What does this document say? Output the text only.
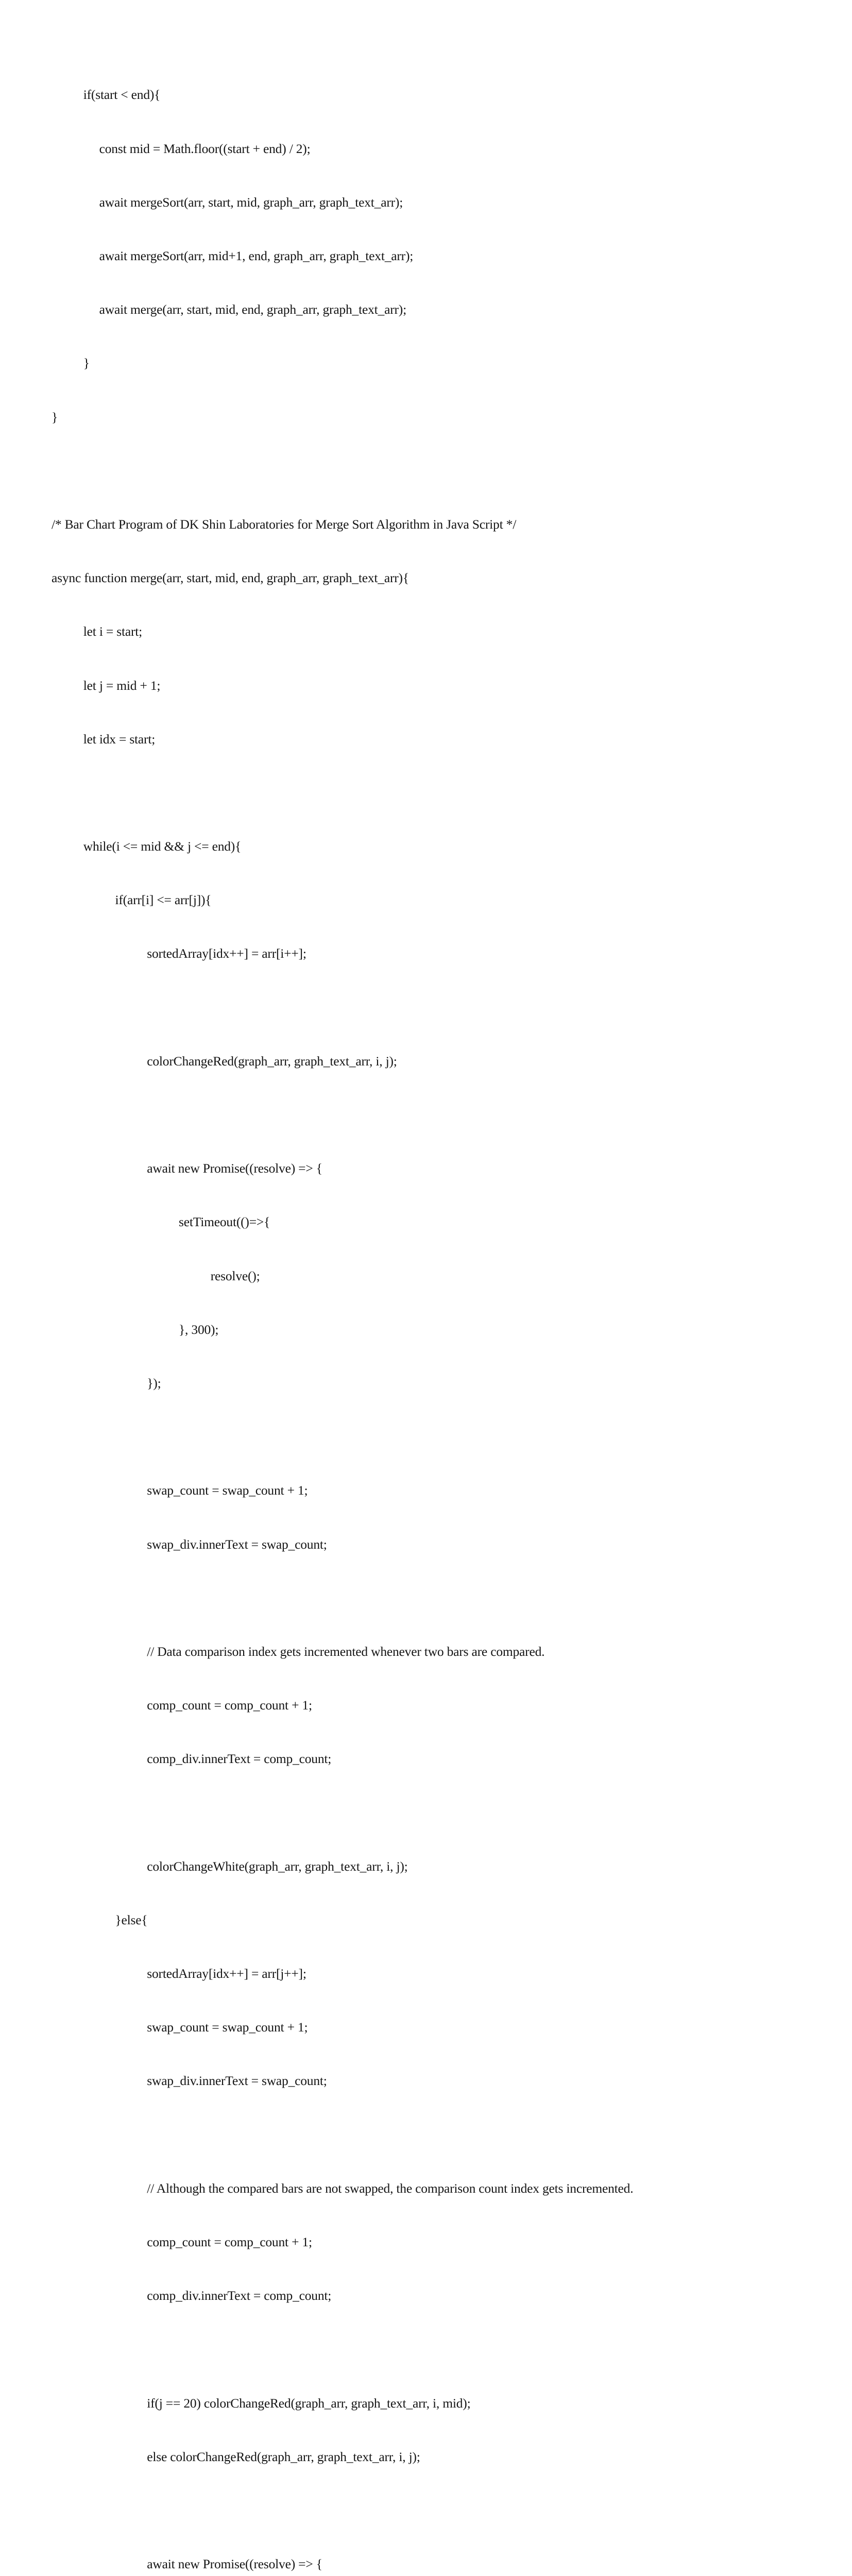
if(start < end){

const mid = Math.floor((start + end) / 2);

await mergeSort(arr, start, mid, graph_arr, graph_text_arr);

await mergeSort(arr, mid+1, end, graph_arr, graph_text_arr);

await merge(arr, start, mid, end, graph_arr, graph_text_arr);

}

}

/* Bar Chart Program of DK Shin Laboratories for Merge Sort Algorithm in Java Script */

async function merge(arr, start, mid, end, graph_arr, graph_text_arr){

let i = start;

let j = mid + 1;

let idx = start;

while(i <= mid && j <= end){

if(arr[i] <= arr[j]){

sortedArray[idx++] = arr[i++];

colorChangeRed(graph_arr, graph_text_arr, i, j);

await new Promise((resolve) => {

setTimeout(()=>{

resolve();

}, 300);

});

swap_count = swap_count + 1;

swap_div.innerText = swap_count;

// Data comparison index gets incremented whenever two bars are compared.

comp_count = comp_count + 1;

comp_div.innerText = comp_count;

colorChangeWhite(graph_arr, graph_text_arr, i, j);

}else{

sortedArray[idx++] = arr[j++];

swap_count = swap_count + 1;

swap_div.innerText = swap_count;

// Although the compared bars are not swapped, the comparison count index gets incremented.

comp_count = comp_count + 1;

comp_div.innerText = comp_count;

if(j == 20) colorChangeRed(graph_arr, graph_text_arr, i, mid);

else colorChangeRed(graph_arr, graph_text_arr, i, j);

await new Promise((resolve) => {
